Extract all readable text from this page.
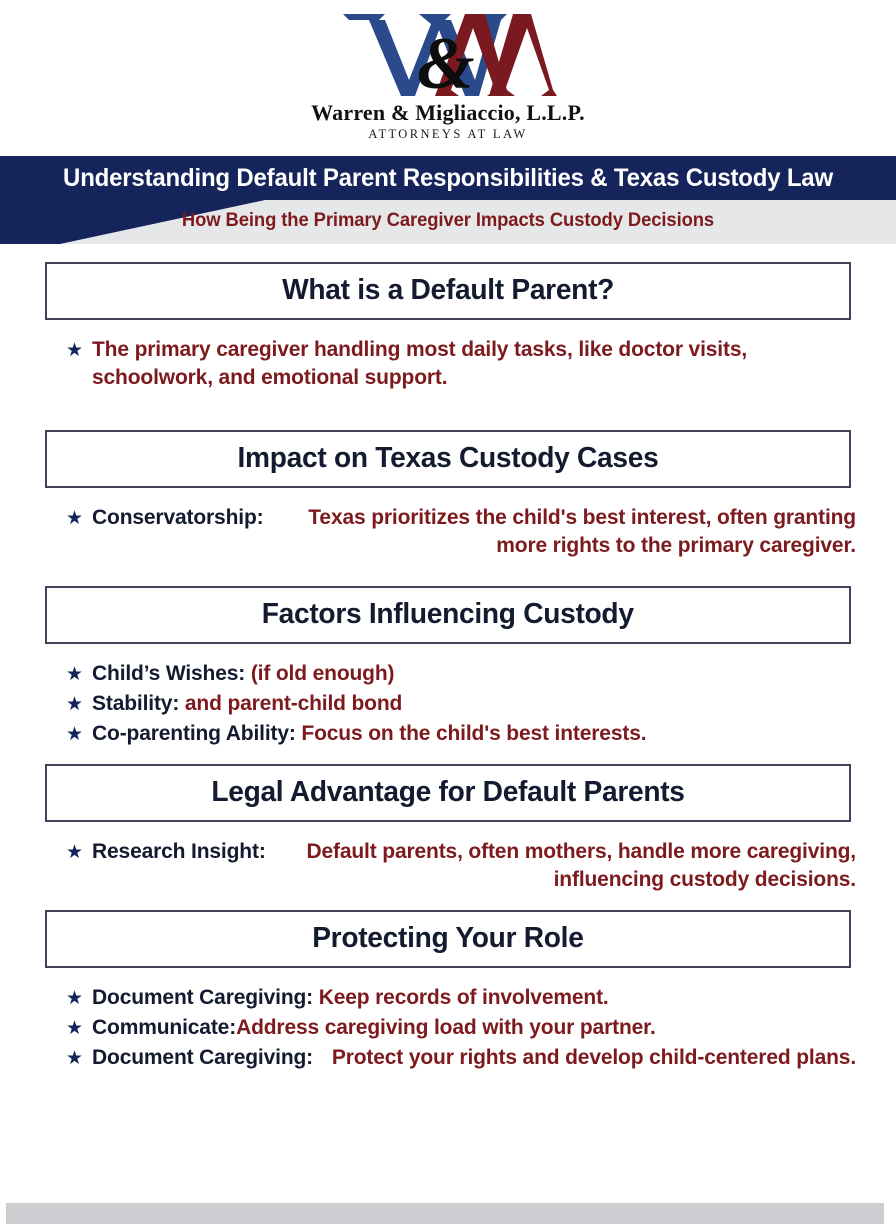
&
Warren & Migliaccio, L.L.P.
ATTORNEYS AT LAW
Understanding Default Parent Responsibilities & Texas Custody Law
How Being the Primary Caregiver Impacts Custody Decisions
What is a Default Parent?
★ The primary caregiver handling most daily tasks, like doctor visits, schoolwork, and emotional support.
Impact on Texas Custody Cases
★ Conservatorship:	Texas prioritizes the child's best interest, often granting more rights to the primary caregiver.
Factors Influencing Custody
★ Child’s Wishes: (if old enough)
★ Stability: and parent-child bond
★ Co-parenting Ability: Focus on the child's best interests.
Legal Advantage for Default Parents
★ Research Insight:	Default parents, often mothers, handle more caregiving, influencing custody decisions.
Protecting Your Role
★ Document Caregiving: Keep records of involvement.
★ Communicate:Address caregiving load with your partner.
★ Document Caregiving: Protect your rights and develop child-centered plans.
